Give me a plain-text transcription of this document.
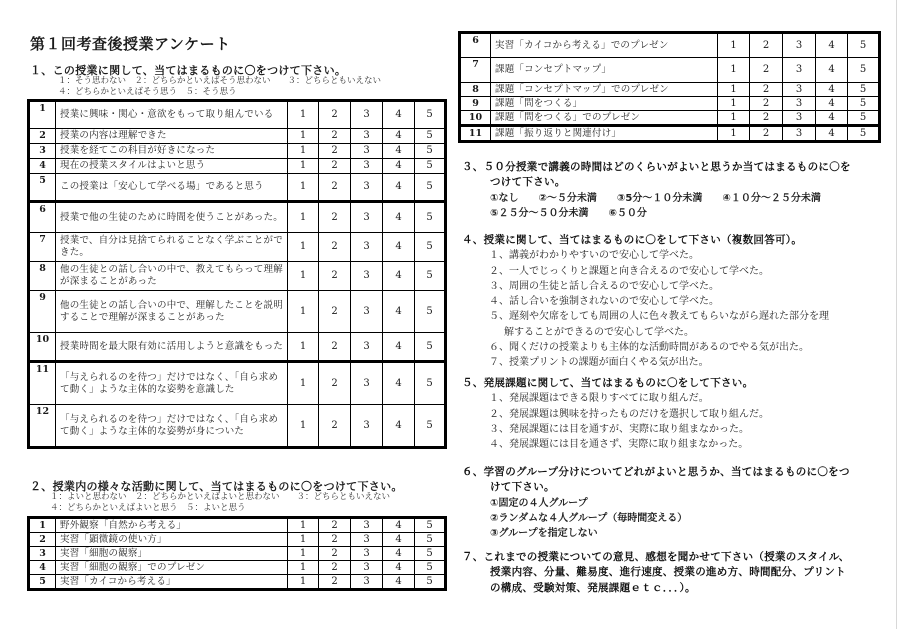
第１回考査後授業アンケート
１、この授業に関して、当てはまるものに〇をつけて下さい。
１：そう思わない　２：どちらかといえばそう思わない　　３：どちらともいえない
４：どちらかといえばそう思う　５：そう思う
1	授業に興味・関心・意欲をもって取り組んでいる	1	2	3	4	5
2	授業の内容は理解できた	1	2	3	4	5
3	授業を経てこの科目が好きになった	1	2	3	4	5
4	現在の授業スタイルはよいと思う	1	2	3	4	5
5	この授業は「安心して学べる場」であると思う	1	2	3	4	5
6	授業で他の生徒のために時間を使うことがあった。	1	2	3	4	5
7	授業で、自分は見捨てられることなく学ぶことができた。	1	2	3	4	5
8	他の生徒との話し合いの中で、教えてもらって理解が深まることがあった	1	2	3	4	5
9	他の生徒との話し合いの中で、理解したことを説明することで理解が深まることがあった	1	2	3	4	5
10	授業時間を最大限有効に活用しようと意識をもった	1	2	3	4	5
11	「与えられるのを待つ」だけではなく、「自ら求めて動く」ような主体的な姿勢を意識した	1	2	3	4	5
12	「与えられるのを待つ」だけではなく、「自ら求めて動く」ような主体的な姿勢が身についた	1	2	3	4	5
２、授業内の様々な活動に関して、当てはまるものに〇をつけて下さい。
１：よいと思わない　２：どちらかといえばよいと思わない　　３：どちらともいえない
４：どちらかといえばよいと思う　５：よいと思う
1	野外観察「自然から考える」	1	2	3	4	5
2	実習「顕微鏡の使い方」	1	2	3	4	5
3	実習「細胞の観察」	1	2	3	4	5
4	実習「細胞の観察」でのプレゼン	1	2	3	4	5
5	実習「カイコから考える」	1	2	3	4	5
6	実習「カイコから考える」でのプレゼン	1	2	3	4	5
7	課題「コンセプトマップ」	1	2	3	4	5
8	課題「コンセプトマップ」でのプレゼン	1	2	3	4	5
9	課題「問をつくる」	1	2	3	4	5
10	課題「問をつくる」でのプレゼン	1	2	3	4	5
11	課題「振り返りと関連付け」	1	2	3	4	5
３、５０分授業で講義の時間はどのくらいがよいと思うか当てはまるものに〇を
つけて下さい。
①なし　　②～５分未満　　③5分～１０分未満　　④１０分～２５分未満
⑤２５分～５０分未満　　⑥５０分
４、授業に関して、当てはまるものに〇をして下さい（複数回答可）。
１、講義がわかりやすいので安心して学べた。
２、一人でじっくりと課題と向き合えるので安心して学べた。
３、周囲の生徒と話し合えるので安心して学べた。
４、話し合いを強制されないので安心して学べた。
５、遅刻や欠席をしても周囲の人に色々教えてもらいながら遅れた部分を理
解することができるので安心して学べた。
６、聞くだけの授業よりも主体的な活動時間があるのでやる気が出た。
７、授業プリントの課題が面白くやる気が出た。
５、発展課題に関して、当てはまるものに〇をして下さい。
１、発展課題はできる限りすべてに取り組んだ。
２、発展課題は興味を持ったものだけを選択して取り組んだ。
３、発展課題には目を通すが、実際に取り組まなかった。
４、発展課題には目を通さず、実際に取り組まなかった。
６、学習のグループ分けについてどれがよいと思うか、当てはまるものに〇をつ
けて下さい。
①固定の４人グループ
②ランダムな４人グループ（毎時間変える）
③グループを指定しない
７、これまでの授業についての意見、感想を聞かせて下さい（授業のスタイル、
授業内容、分量、難易度、進行速度、授業の進め方、時間配分、プリント
の構成、受験対策、発展課題ｅｔｃ．．．）。
